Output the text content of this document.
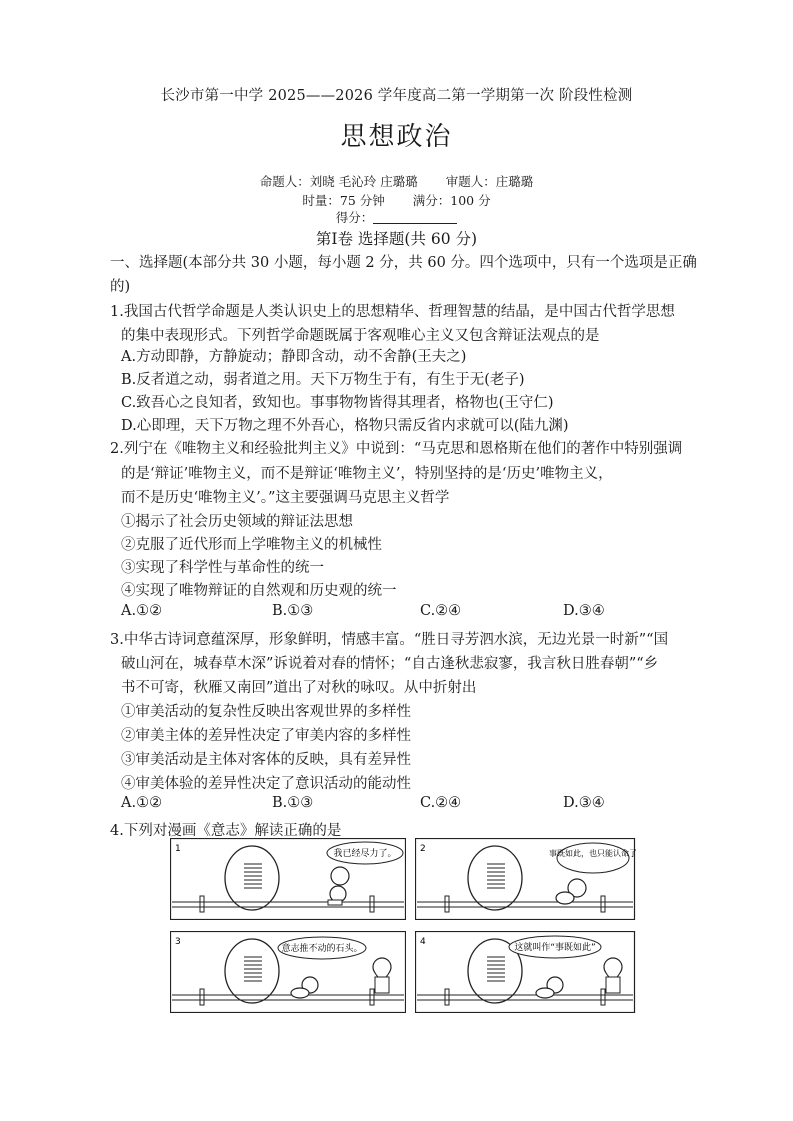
长沙市第一中学 2025——2026 学年度高二第一学期第一次 阶段性检测
思想政治
命题人：刘晓 毛沁玲 庄璐璐 审题人：庄璐璐
时量：75 分钟 满分：100 分
得分：
第Ⅰ卷 选择题(共 60 分)
一、选择题(本部分共 30 小题，每小题 2 分，共 60 分。四个选项中，只有一个选项是正确
的)
1.我国古代哲学命题是人类认识史上的思想精华、哲理智慧的结晶，是中国古代哲学思想
的集中表现形式。下列哲学命题既属于客观唯心主义又包含辩证法观点的是
A.方动即静，方静旋动；静即含动，动不舍静(王夫之)
B.反者道之动，弱者道之用。天下万物生于有，有生于无(老子)
C.致吾心之良知者，致知也。事事物物皆得其理者，格物也(王守仁)
D.心即理，天下万物之理不外吾心，格物只需反省内求就可以(陆九渊)
2.列宁在《唯物主义和经验批判主义》中说到：“马克思和恩格斯在他们的著作中特别强调
的是‘辩证’唯物主义，而不是辩证‘唯物主义’，特别坚持的是‘历史’唯物主义，
而不是历史‘唯物主义’。”这主要强调马克思主义哲学
①揭示了社会历史领域的辩证法思想
②克服了近代形而上学唯物主义的机械性
③实现了科学性与革命性的统一
④实现了唯物辩证的自然观和历史观的统一
A.①②	B.①③	C.②④	D.③④
3.中华古诗词意蕴深厚，形象鲜明，情感丰富。“胜日寻芳泗水滨，无边光景一时新”“国
破山河在，城春草木深”诉说着对春的情怀；“自古逢秋悲寂寥，我言秋日胜春朝”“乡
书不可寄，秋雁又南回”道出了对秋的咏叹。从中折射出
①审美活动的复杂性反映出客观世界的多样性
②审美主体的差异性决定了审美内容的多样性
③审美活动是主体对客体的反映，具有差异性
④审美体验的差异性决定了意识活动的能动性
A.①②	B.①③	C.②④	D.③④
4.下列对漫画《意志》解读正确的是
1	我已经尽力了。	2	事既如此，也只能认命了
3
意志推不动的石头。
4
这就叫作“事既如此”
